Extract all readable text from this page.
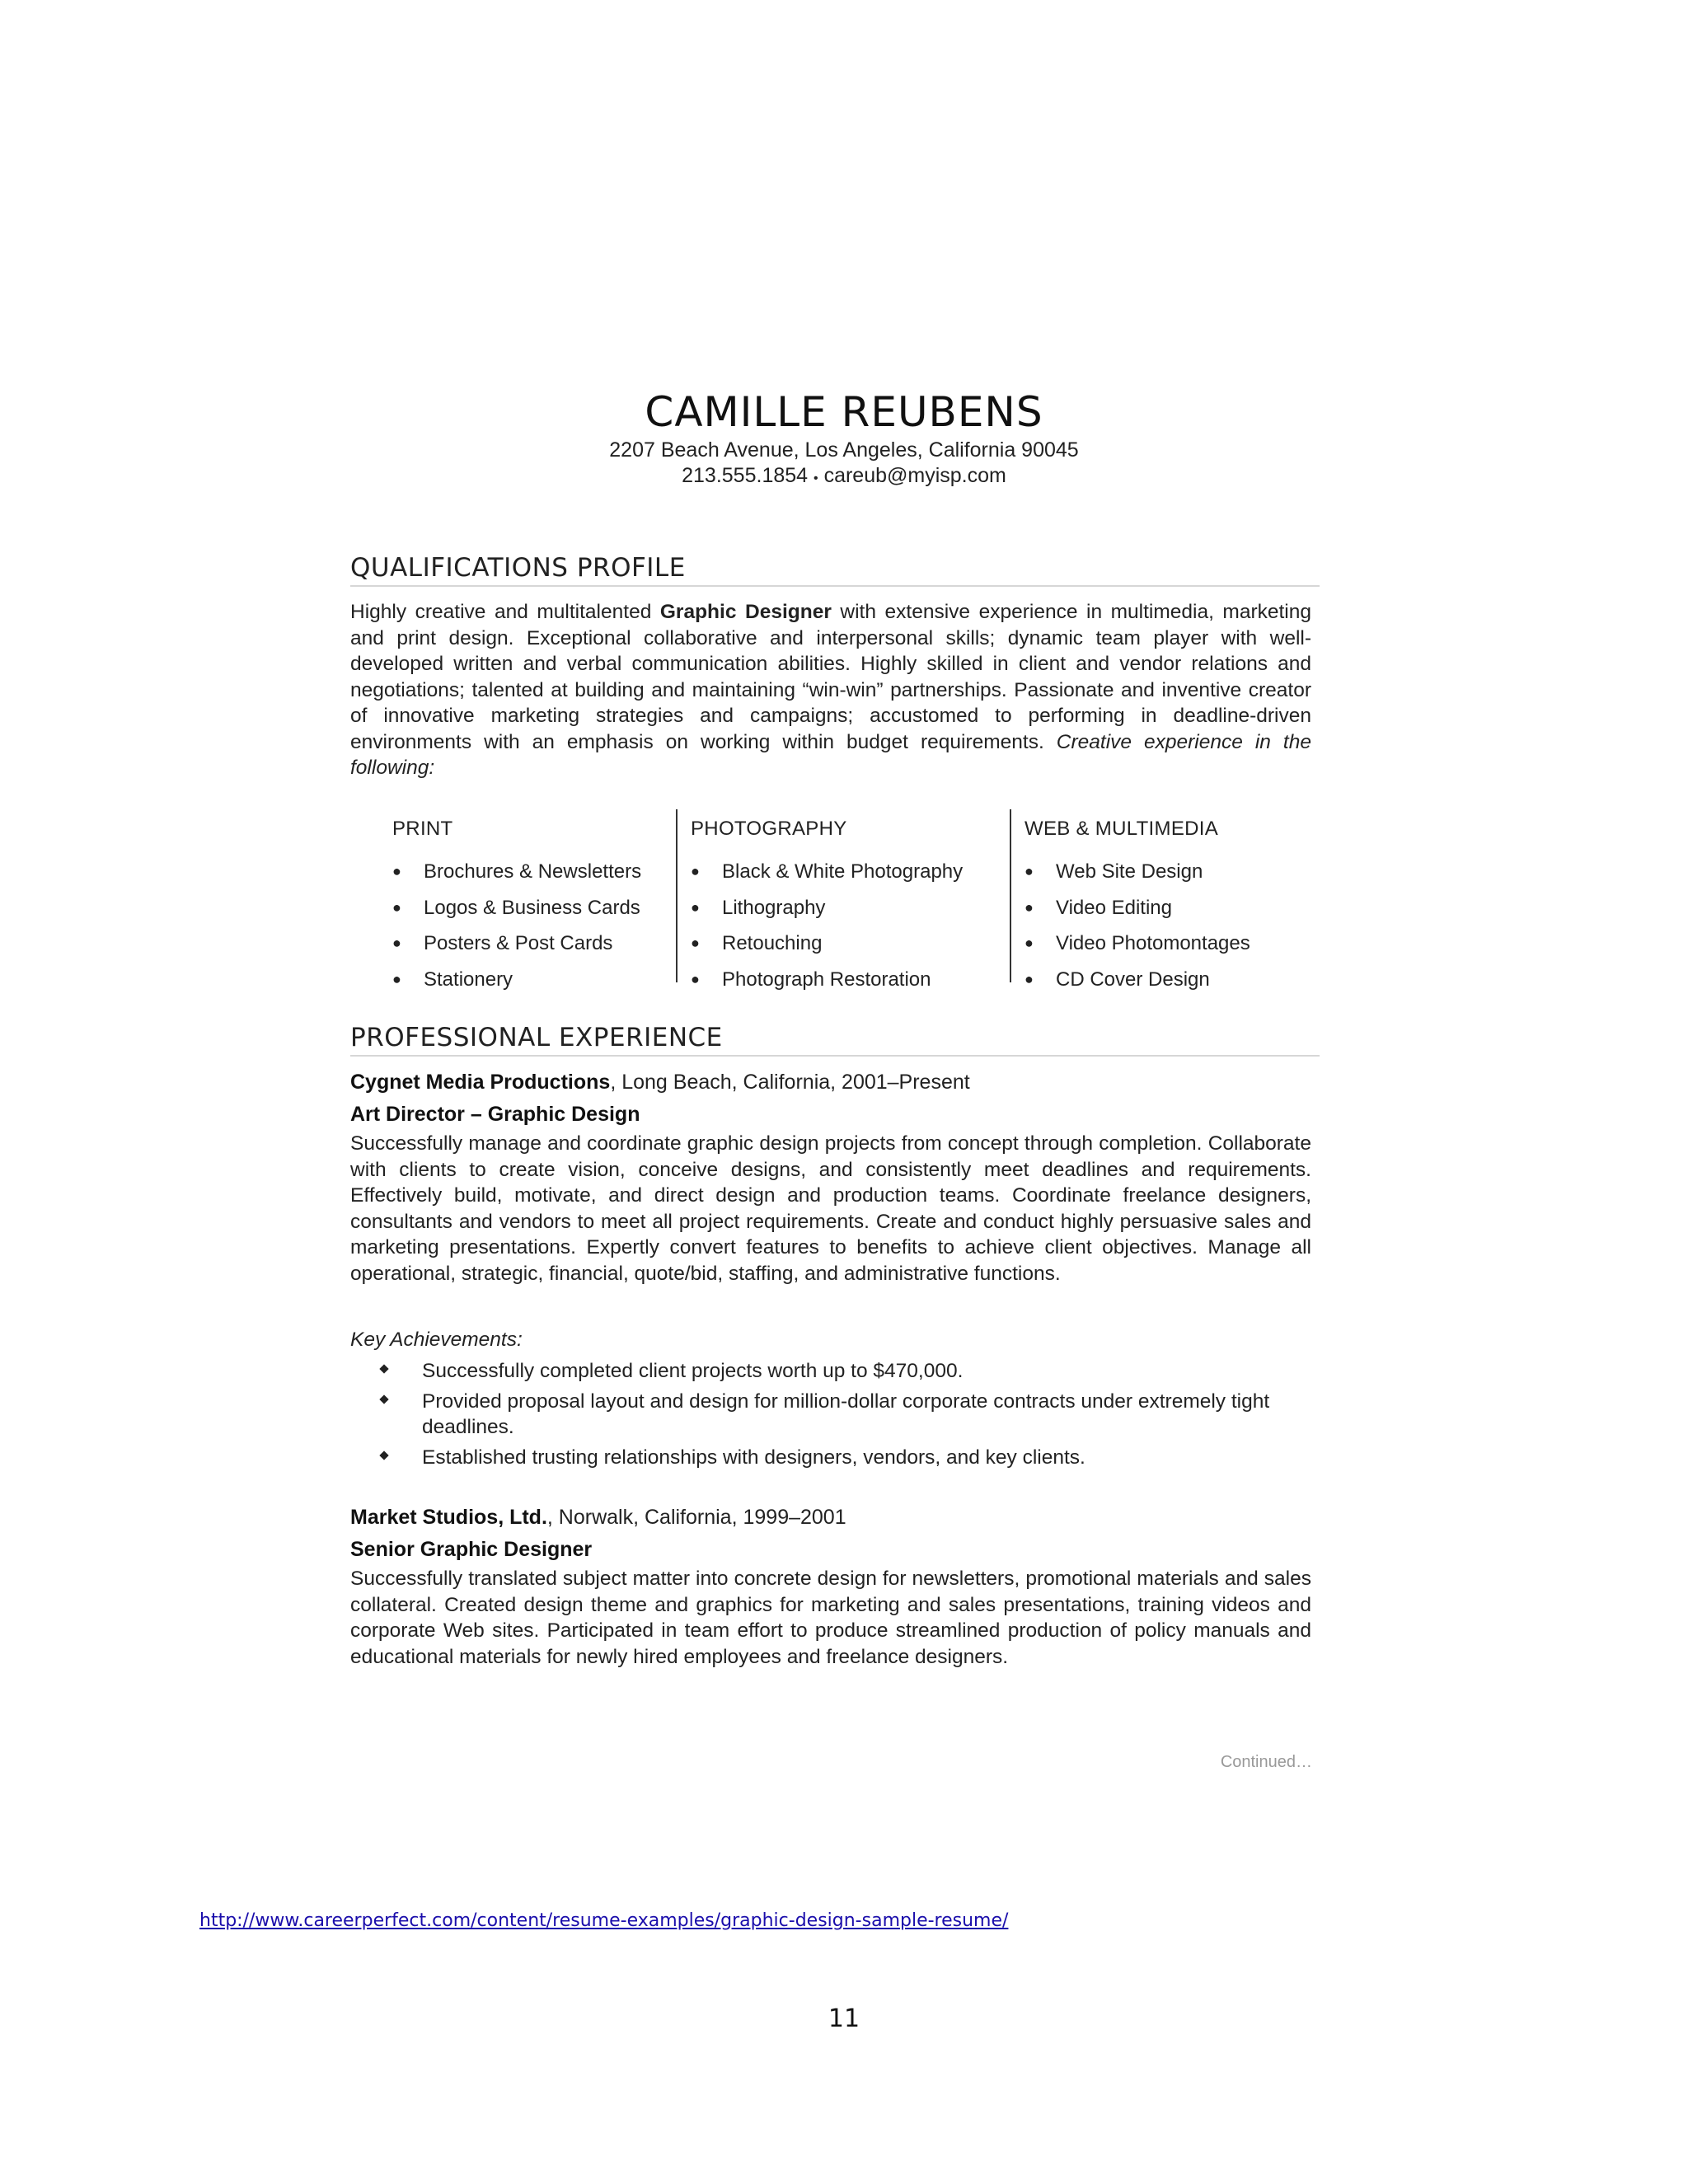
CAMILLE REUBENS
2207 Beach Avenue, Los Angeles, California 90045
213.555.1854 • careub@myisp.com
QUALIFICATIONS PROFILE

Highly creative and multitalented Graphic Designer with extensive experience in multimedia, marketing and print design. Exceptional collaborative and interpersonal skills; dynamic team player with well-developed written and verbal communication abilities. Highly skilled in client and vendor relations and negotiations; talented at building and maintaining “win-win” partnerships. Passionate and inventive creator of innovative marketing strategies and campaigns; accustomed to performing in deadline-driven environments with an emphasis on working within budget requirements. Creative experience in the following:

PRINT
● Brochures & Newsletters
● Logos & Business Cards
● Posters & Post Cards
● Stationery
PHOTOGRAPHY
● Black & White Photography
● Lithography
● Retouching
● Photograph Restoration
WEB & MULTIMEDIA
● Web Site Design
● Video Editing
● Video Photomontages
● CD Cover Design
PROFESSIONAL EXPERIENCE
Cygnet Media Productions, Long Beach, California, 2001–Present
Art Director – Graphic Design

Successfully manage and coordinate graphic design projects from concept through completion. Collaborate with clients to create vision, conceive designs, and consistently meet deadlines and requirements. Effectively build, motivate, and direct design and production teams. Coordinate freelance designers, consultants and vendors to meet all project requirements. Create and conduct highly persuasive sales and marketing presentations. Expertly convert features to benefits to achieve client objectives. Manage all operational, strategic, financial, quote/bid, staffing, and administrative functions.

Key Achievements:
Successfully completed client projects worth up to $470,000.
Provided proposal layout and design for million-dollar corporate contracts under extremely tight deadlines.
Established trusting relationships with designers, vendors, and key clients.
Market Studios, Ltd., Norwalk, California, 1999–2001
Senior Graphic Designer

Successfully translated subject matter into concrete design for newsletters, promotional materials and sales collateral. Created design theme and graphics for marketing and sales presentations, training videos and corporate Web sites. Participated in team effort to produce streamlined production of policy manuals and educational materials for newly hired employees and freelance designers.

Continued…
http://www.careerperfect.com/content/resume-examples/graphic-design-sample-resume/
11
